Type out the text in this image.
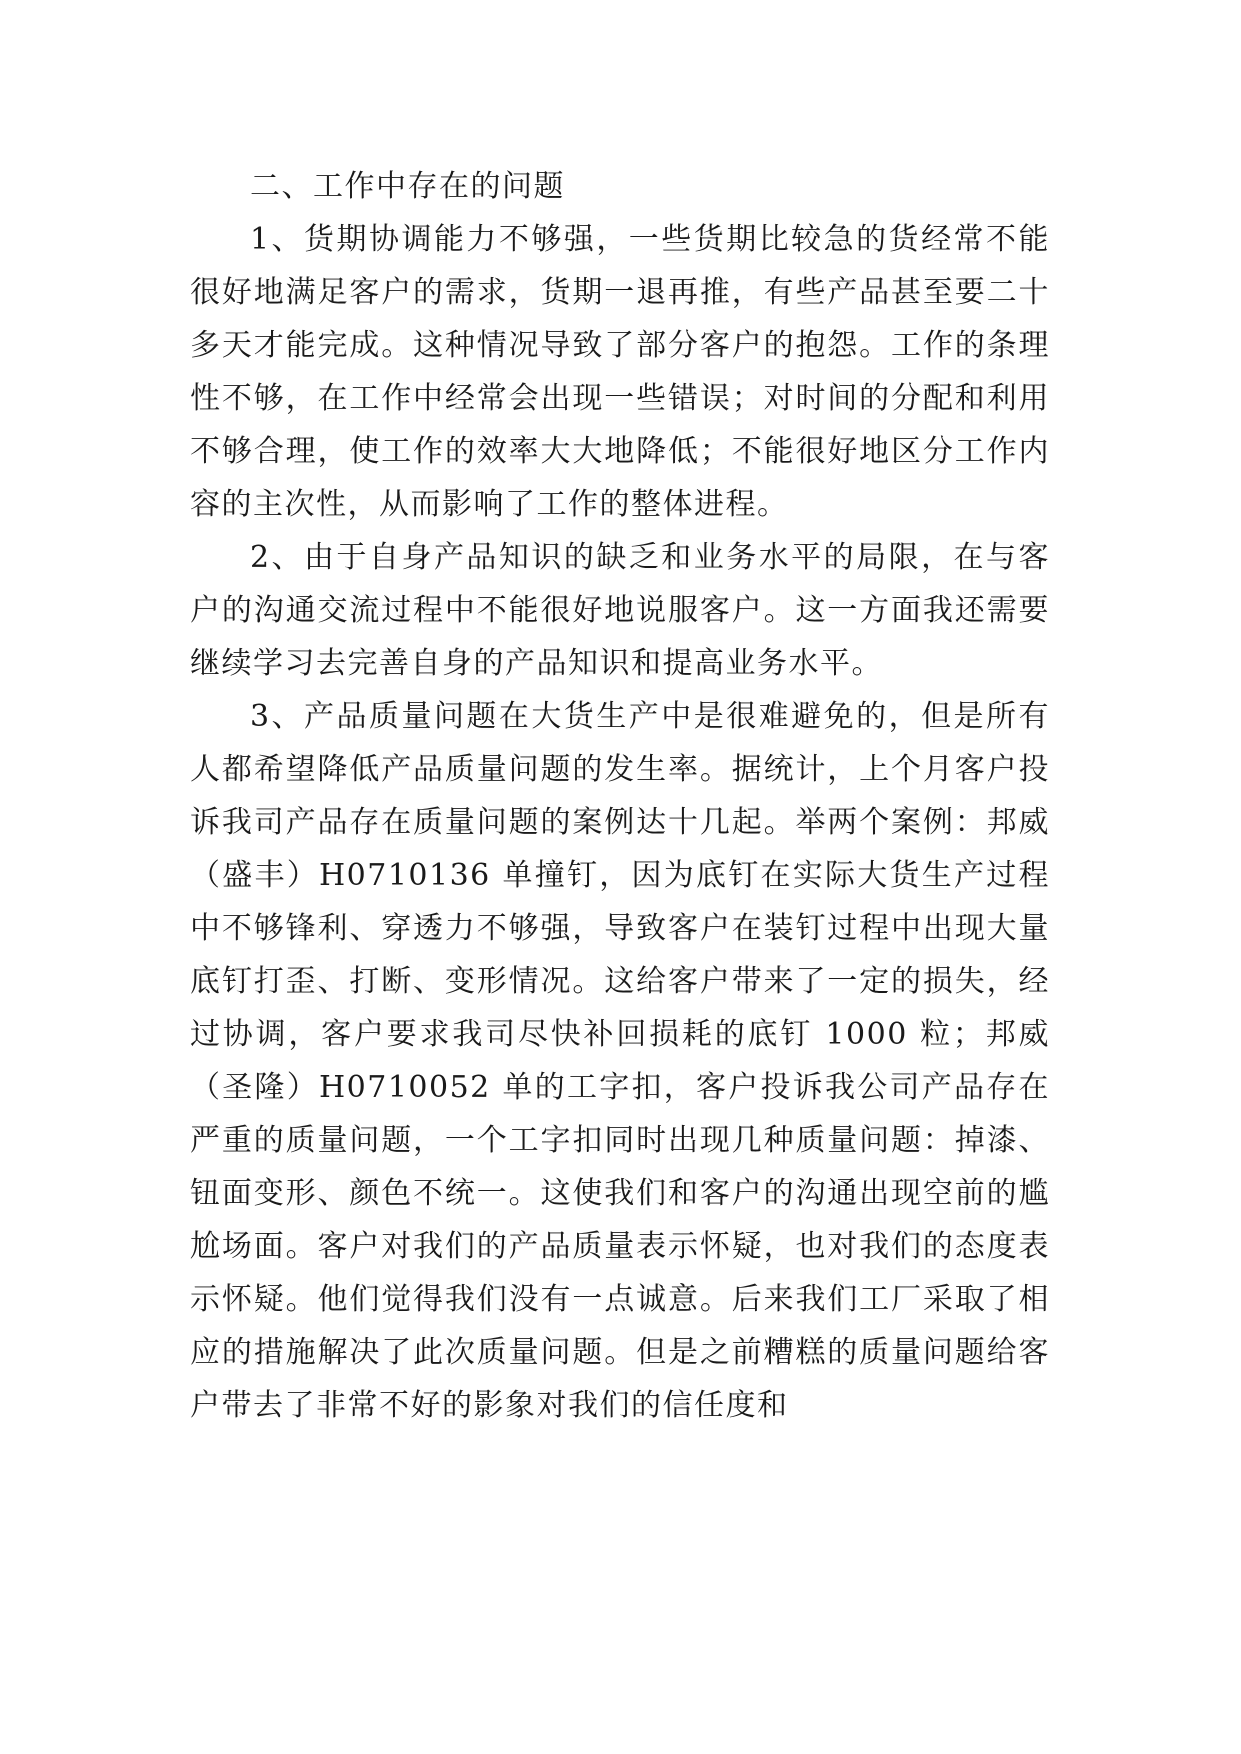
二、工作中存在的问题

1、货期协调能力不够强，一些货期比较急的货经常不能很好地满足客户的需求，货期一退再推，有些产品甚至要二十多天才能完成。这种情况导致了部分客户的抱怨。工作的条理性不够，在工作中经常会出现一些错误；对时间的分配和利用不够合理，使工作的效率大大地降低；不能很好地区分工作内容的主次性，从而影响了工作的整体进程。

2、由于自身产品知识的缺乏和业务水平的局限，在与客户的沟通交流过程中不能很好地说服客户。这一方面我还需要继续学习去完善自身的产品知识和提高业务水平。

3、产品质量问题在大货生产中是很难避免的，但是所有人都希望降低产品质量问题的发生率。据统计，上个月客户投诉我司产品存在质量问题的案例达十几起。举两个案例：邦威（盛丰）H0710136 单撞钉，因为底钉在实际大货生产过程中不够锋利、穿透力不够强，导致客户在装钉过程中出现大量底钉打歪、打断、变形情况。这给客户带来了一定的损失，经过协调，客户要求我司尽快补回损耗的底钉 1000 粒；邦威（圣隆）H0710052 单的工字扣，客户投诉我公司产品存在严重的质量问题，一个工字扣同时出现几种质量问题：掉漆、钮面变形、颜色不统一。这使我们和客户的沟通出现空前的尴尬场面。客户对我们的产品质量表示怀疑，也对我们的态度表示怀疑。他们觉得我们没有一点诚意。后来我们工厂采取了相应的措施解决了此次质量问题。但是之前糟糕的质量问题给客户带去了非常不好的影象对我们的信任度和
